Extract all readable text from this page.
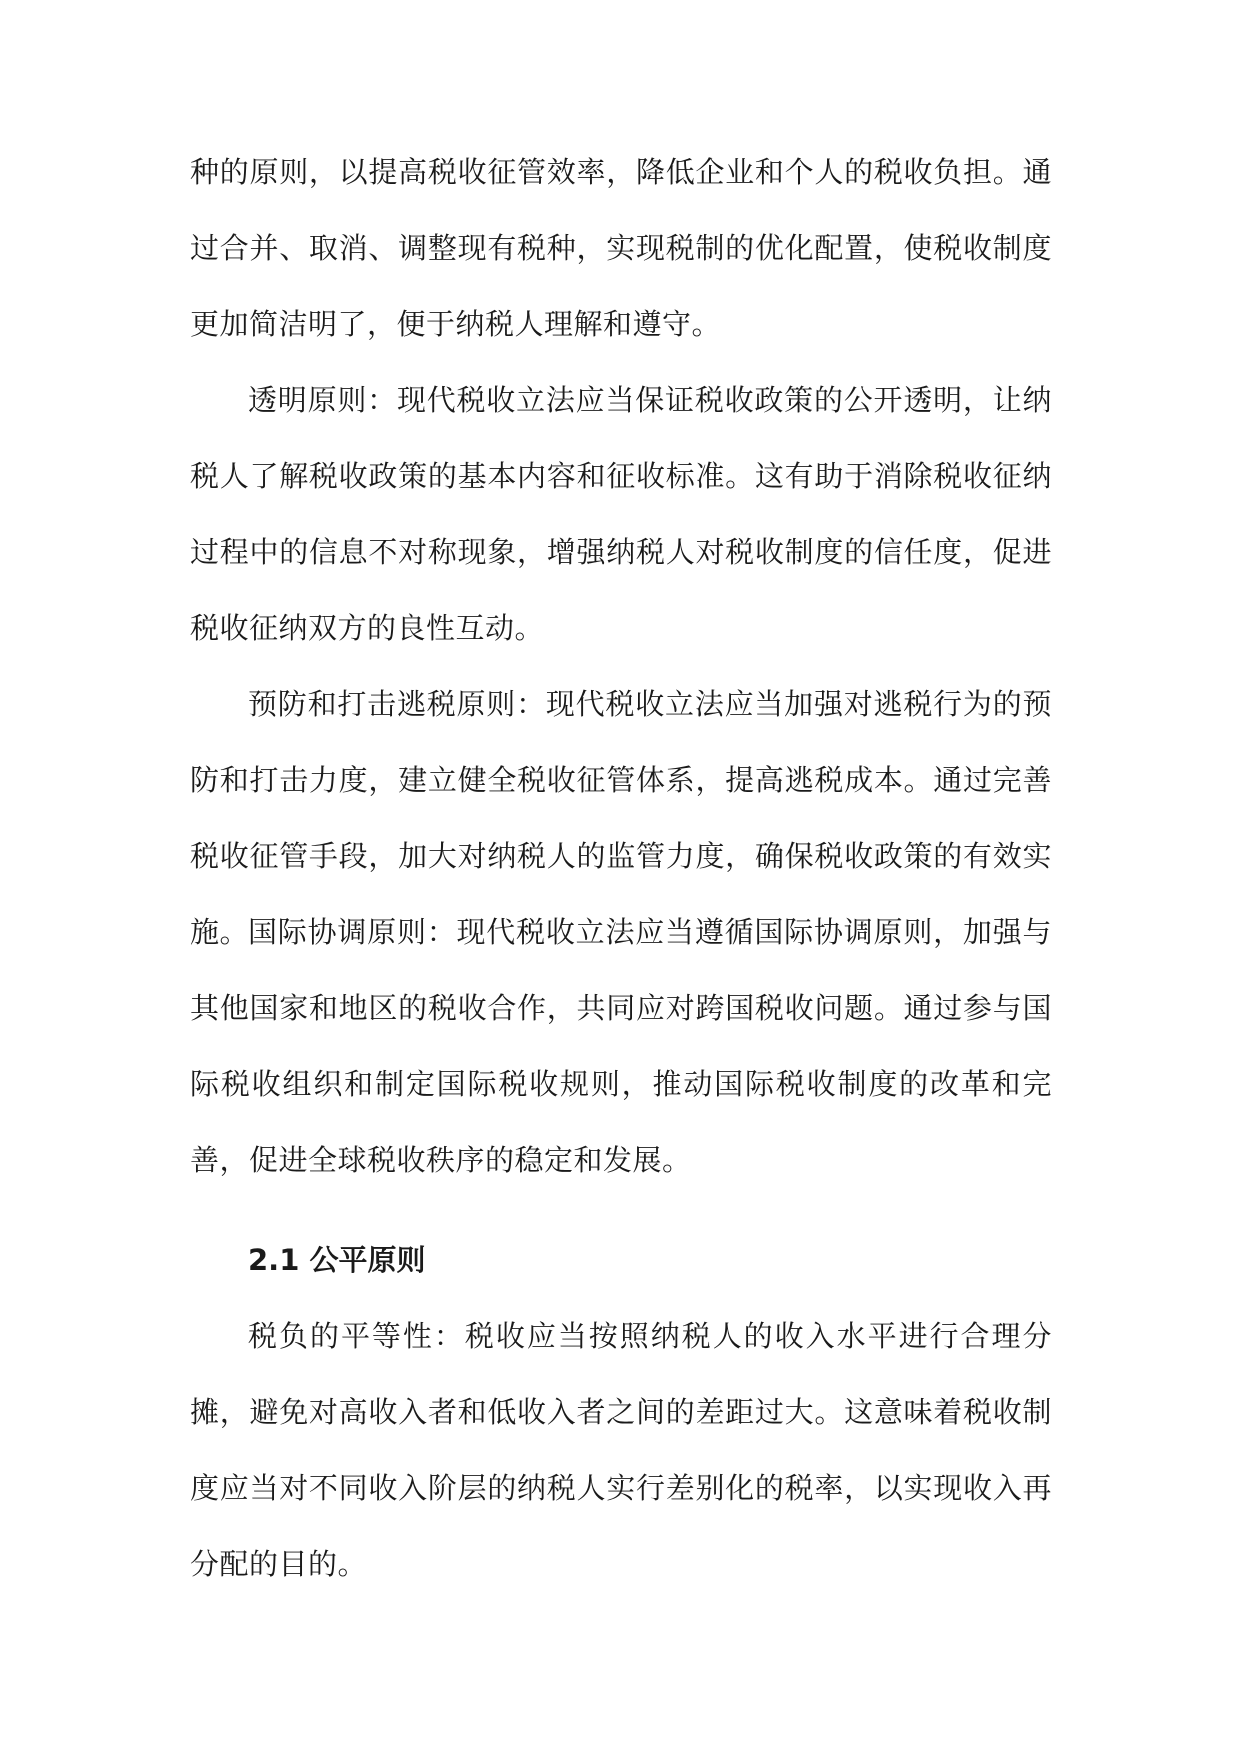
种的原则，以提高税收征管效率，降低企业和个人的税收负担。通过合并、取消、调整现有税种，实现税制的优化配置，使税收制度更加简洁明了，便于纳税人理解和遵守。

透明原则：现代税收立法应当保证税收政策的公开透明，让纳税人了解税收政策的基本内容和征收标准。这有助于消除税收征纳过程中的信息不对称现象，增强纳税人对税收制度的信任度，促进税收征纳双方的良性互动。

预防和打击逃税原则：现代税收立法应当加强对逃税行为的预防和打击力度，建立健全税收征管体系，提高逃税成本。通过完善税收征管手段，加大对纳税人的监管力度，确保税收政策的有效实施。

国际协调原则：现代税收立法应当遵循国际协调原则，加强与其他国家和地区的税收合作，共同应对跨国税收问题。通过参与国际税收组织和制定国际税收规则，推动国际税收制度的改革和完善，促进全球税收秩序的稳定和发展。

2.1 公平原则

税负的平等性：税收应当按照纳税人的收入水平进行合理分摊，避免对高收入者和低收入者之间的差距过大。这意味着税收制度应当对不同收入阶层的纳税人实行差别化的税率，以实现收入再分配的目的。
